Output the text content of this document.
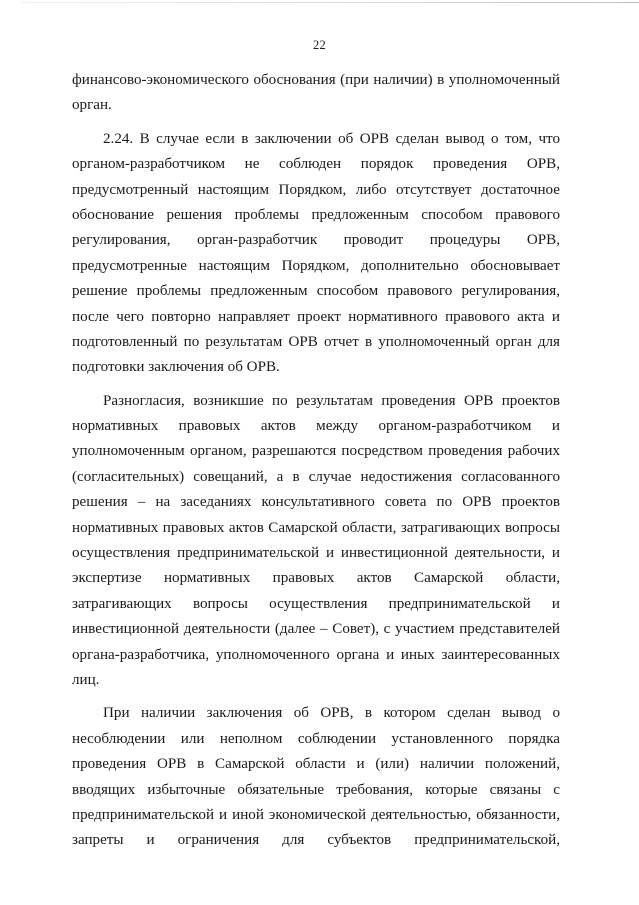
22
финансово-экономического обоснования (при наличии) в уполномоченный
орган.
2.24. В случае если в заключении об ОРВ сделан вывод о том, что
органом-разработчиком не соблюден порядок проведения ОРВ,
предусмотренный настоящим Порядком, либо отсутствует достаточное
обоснование решения проблемы предложенным способом правового
регулирования, орган-разработчик проводит процедуры ОРВ,
предусмотренные настоящим Порядком, дополнительно обосновывает
решение проблемы предложенным способом правового регулирования,
после чего повторно направляет проект нормативного правового акта и
подготовленный по результатам ОРВ отчет в уполномоченный орган для
подготовки заключения об ОРВ.
Разногласия, возникшие по результатам проведения ОРВ проектов
нормативных правовых актов между органом-разработчиком и
уполномоченным органом, разрешаются посредством проведения рабочих
(согласительных) совещаний, а в случае недостижения согласованного
решения – на заседаниях консультативного совета по ОРВ проектов
нормативных правовых актов Самарской области, затрагивающих вопросы
осуществления предпринимательской и инвестиционной деятельности, и
экспертизе нормативных правовых актов Самарской области,
затрагивающих вопросы осуществления предпринимательской и
инвестиционной деятельности (далее – Совет), с участием представителей
органа-разработчика, уполномоченного органа и иных заинтересованных
лиц.
При наличии заключения об ОРВ, в котором сделан вывод о
несоблюдении или неполном соблюдении установленного порядка
проведения ОРВ в Самарской области и (или) наличии положений,
вводящих избыточные обязательные требования, которые связаны с
предпринимательской и иной экономической деятельностью, обязанности,
запреты и ограничения для субъектов предпринимательской,
